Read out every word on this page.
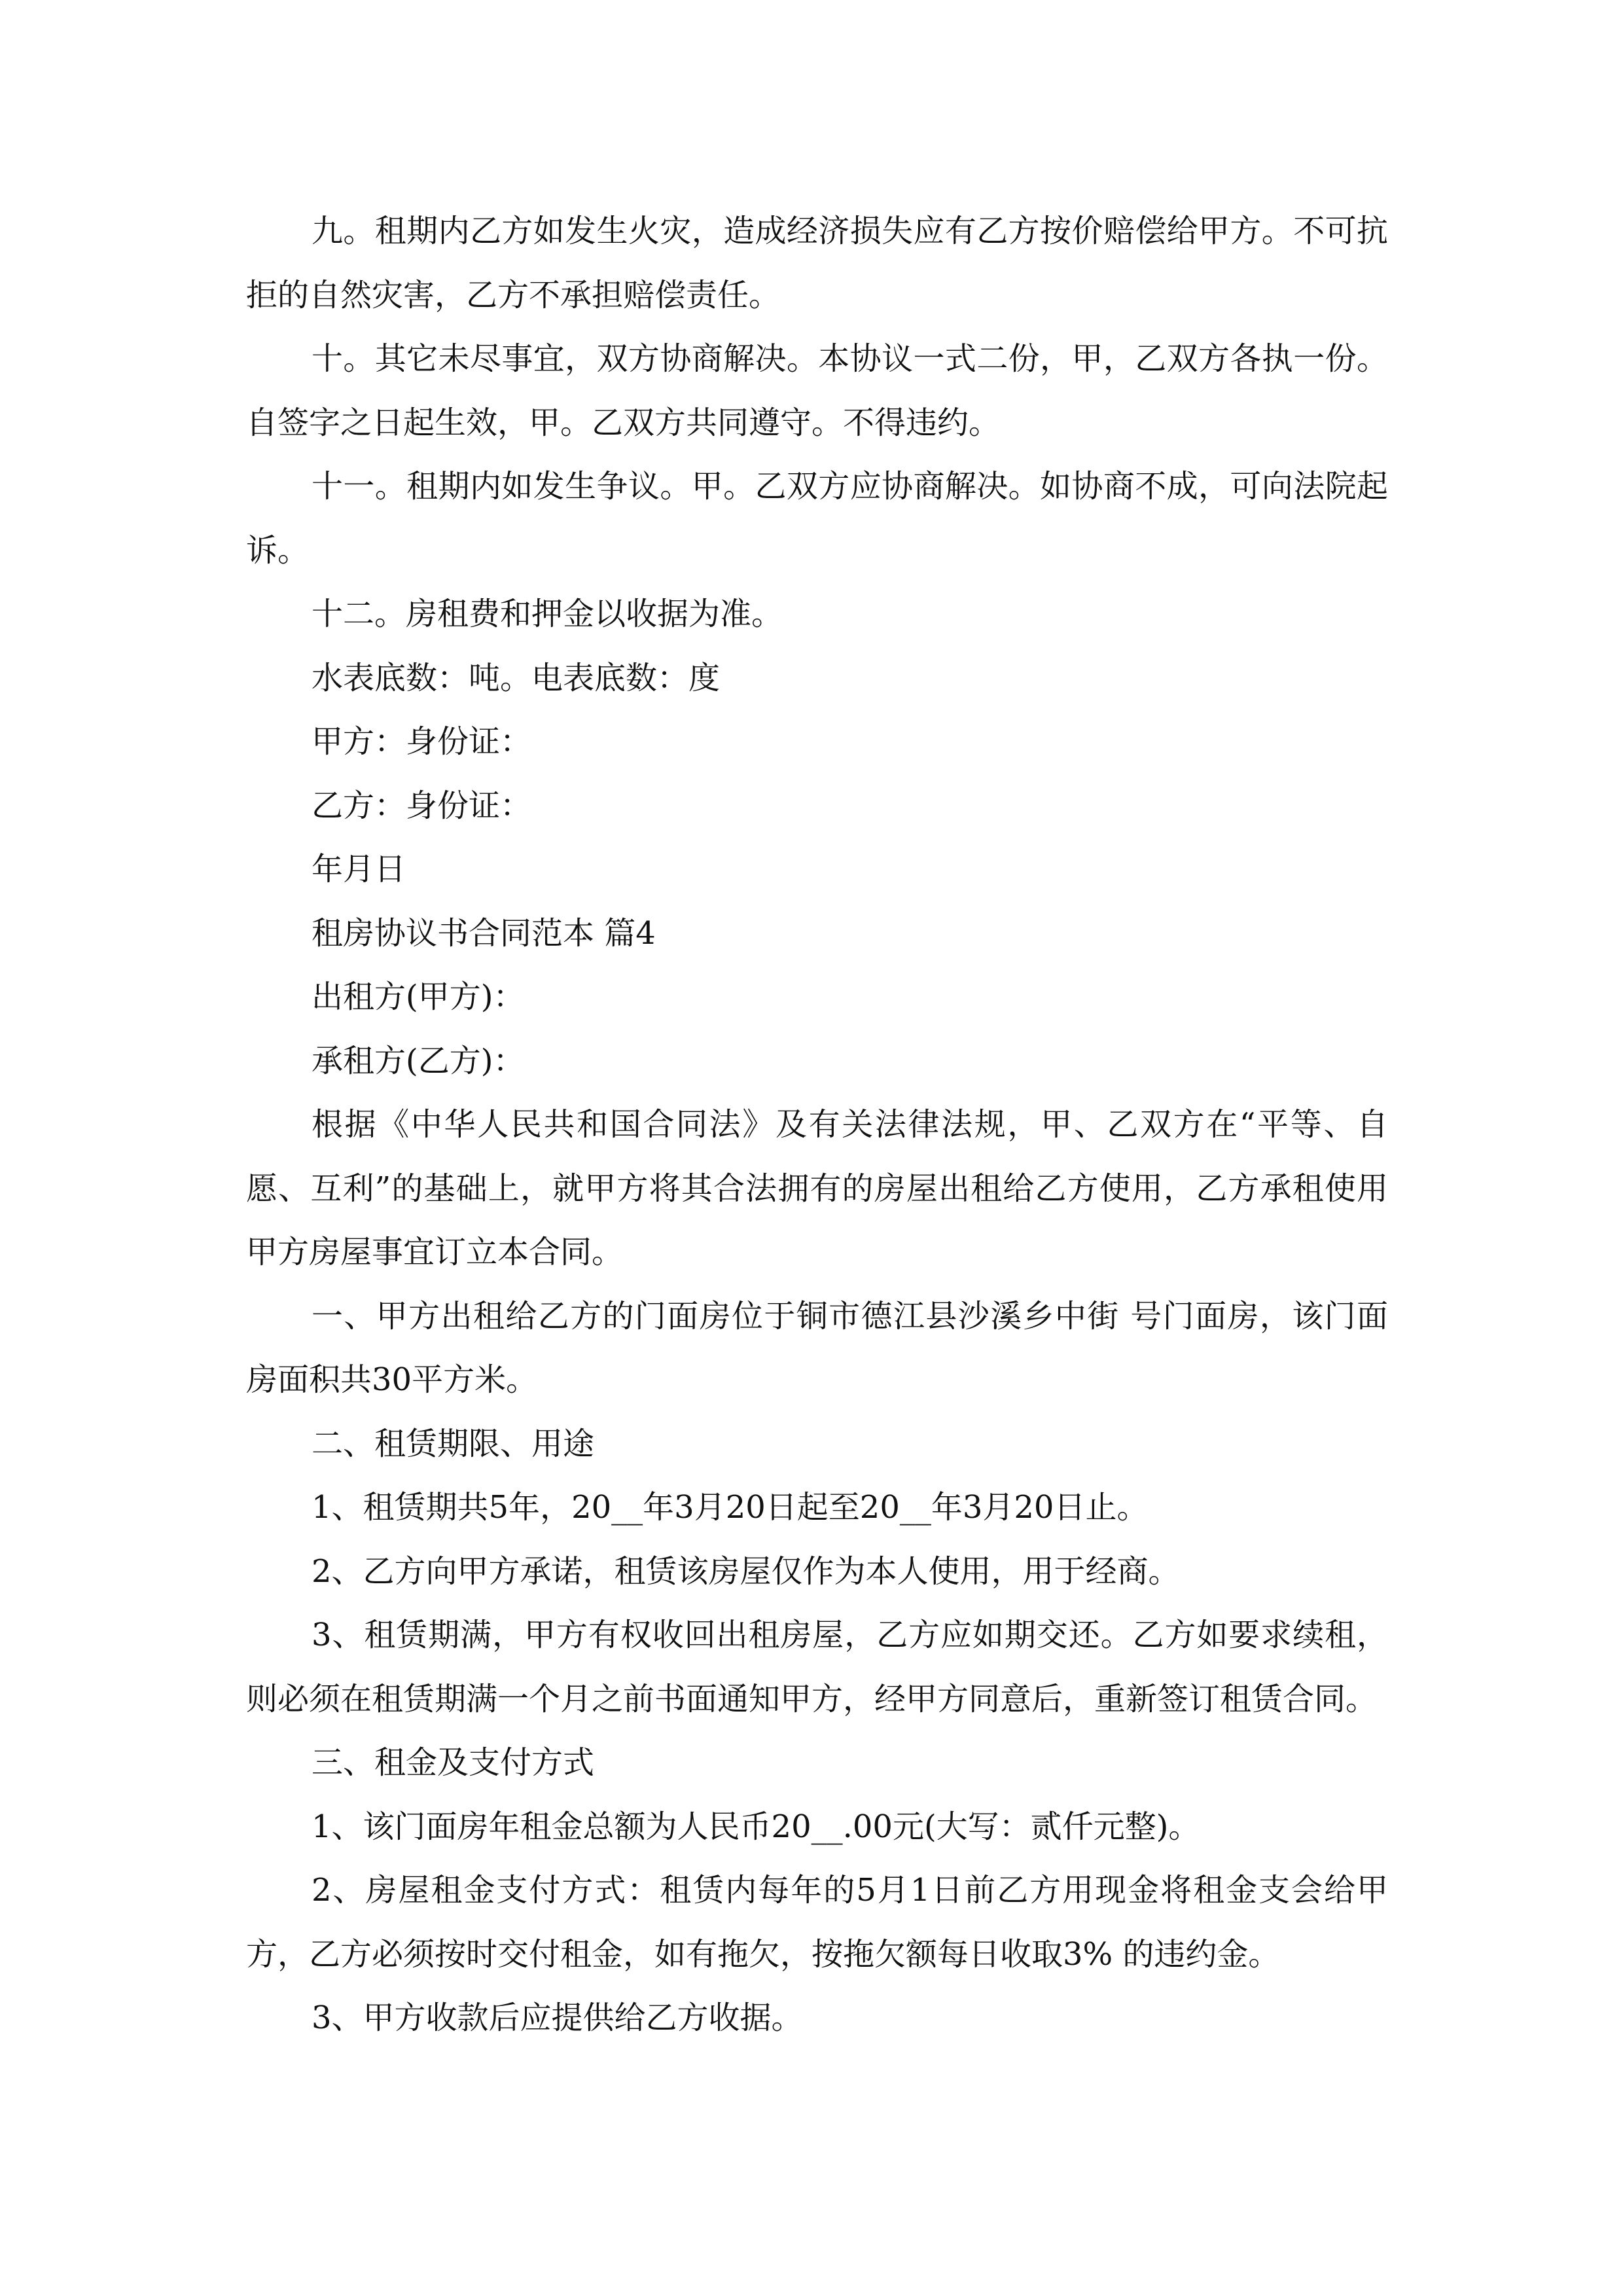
九。租期内乙方如发生火灾，造成经济损失应有乙方按价赔偿给甲方。不可抗拒的自然灾害，乙方不承担赔偿责任。

十。其它未尽事宜，双方协商解决。本协议一式二份，甲，乙双方各执一份。自签字之日起生效，甲。乙双方共同遵守。不得违约。

十一。租期内如发生争议。甲。乙双方应协商解决。如协商不成，可向法院起诉。

十二。房租费和押金以收据为准。

水表底数：吨。电表底数：度

甲方：身份证：

乙方：身份证：

年月日

租房协议书合同范本 篇4

出租方(甲方)：

承租方(乙方)：

根据《中华人民共和国合同法》及有关法律法规，甲、乙双方在“平等、自愿、互利”的基础上，就甲方将其合法拥有的房屋出租给乙方使用，乙方承租使用甲方房屋事宜订立本合同。

一、甲方出租给乙方的门面房位于铜市德江县沙溪乡中街 号门面房，该门面房面积共30平方米。

二、租赁期限、用途

1、租赁期共5年，20__年3月20日起至20__年3月20日止。

2、乙方向甲方承诺，租赁该房屋仅作为本人使用，用于经商。

3、租赁期满，甲方有权收回出租房屋，乙方应如期交还。乙方如要求续租，则必须在租赁期满一个月之前书面通知甲方，经甲方同意后，重新签订租赁合同。

三、租金及支付方式

1、该门面房年租金总额为人民币20__.00元(大写：贰仟元整)。

2、房屋租金支付方式：租赁内每年的5月1日前乙方用现金将租金支会给甲方，乙方必须按时交付租金，如有拖欠，按拖欠额每日收取3% 的违约金。

3、甲方收款后应提供给乙方收据。
